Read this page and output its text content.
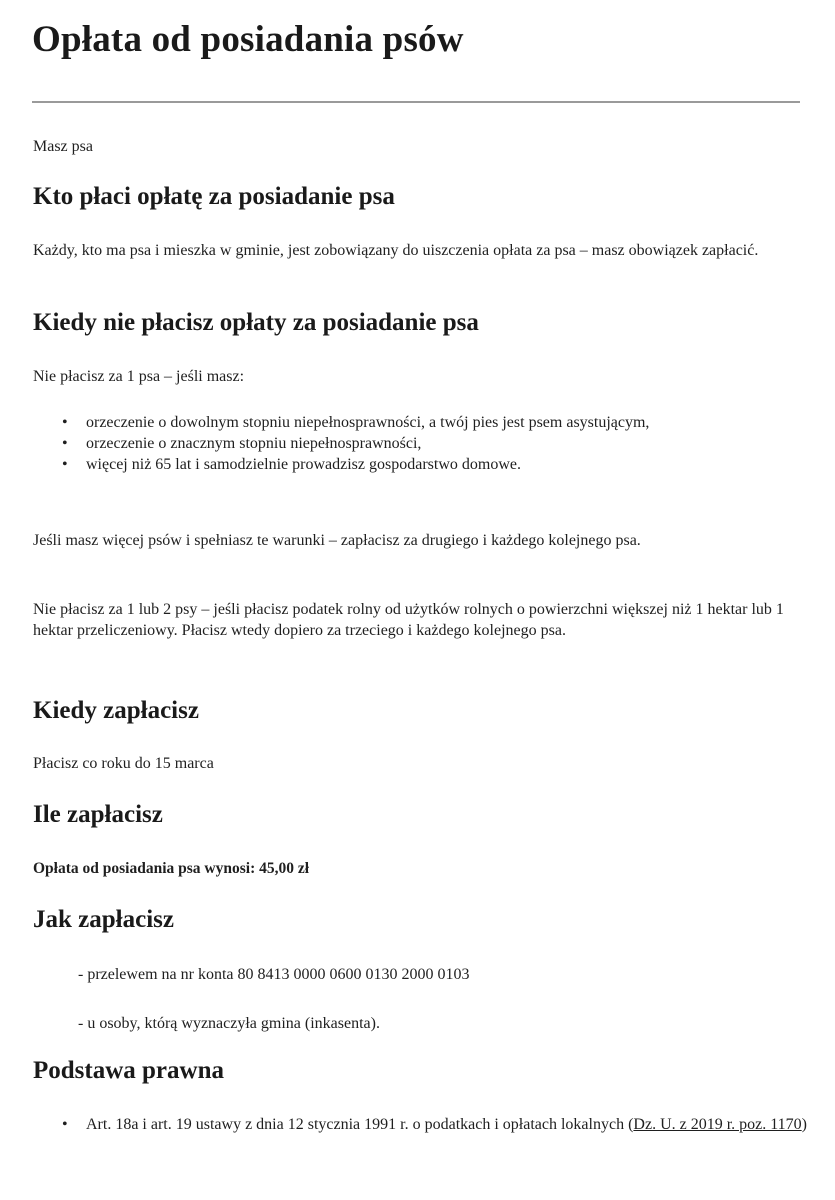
Opłata od posiadania psów

Masz psa

Kto płaci opłatę za posiadanie psa

Każdy, kto ma psa i mieszka w gminie, jest zobowiązany do uiszczenia opłata za psa – masz obowiązek zapłacić.

Kiedy nie płacisz opłaty za posiadanie psa

Nie płacisz za 1 psa – jeśli masz:

• orzeczenie o dowolnym stopniu niepełnosprawności, a twój pies jest psem asystującym,
• orzeczenie o znacznym stopniu niepełnosprawności,
• więcej niż 65 lat i samodzielnie prowadzisz gospodarstwo domowe.

Jeśli masz więcej psów i spełniasz te warunki – zapłacisz za drugiego i każdego kolejnego psa.

Nie płacisz za 1 lub 2 psy – jeśli płacisz podatek rolny od użytków rolnych o powierzchni większej niż 1 hektar lub 1 hektar przeliczeniowy. Płacisz wtedy dopiero za trzeciego i każdego kolejnego psa.

Kiedy zapłacisz

Płacisz co roku do 15 marca

Ile zapłacisz

Opłata od posiadania psa wynosi: 45,00 zł

Jak zapłacisz

- przelewem na nr konta 80 8413 0000 0600 0130 2000 0103

- u osoby, którą wyznaczyła gmina (inkasenta).

Podstawa prawna

• Art. 18a i art. 19 ustawy z dnia 12 stycznia 1991 r. o podatkach i opłatach lokalnych (Dz. U. z 2019 r. poz. 1170)
